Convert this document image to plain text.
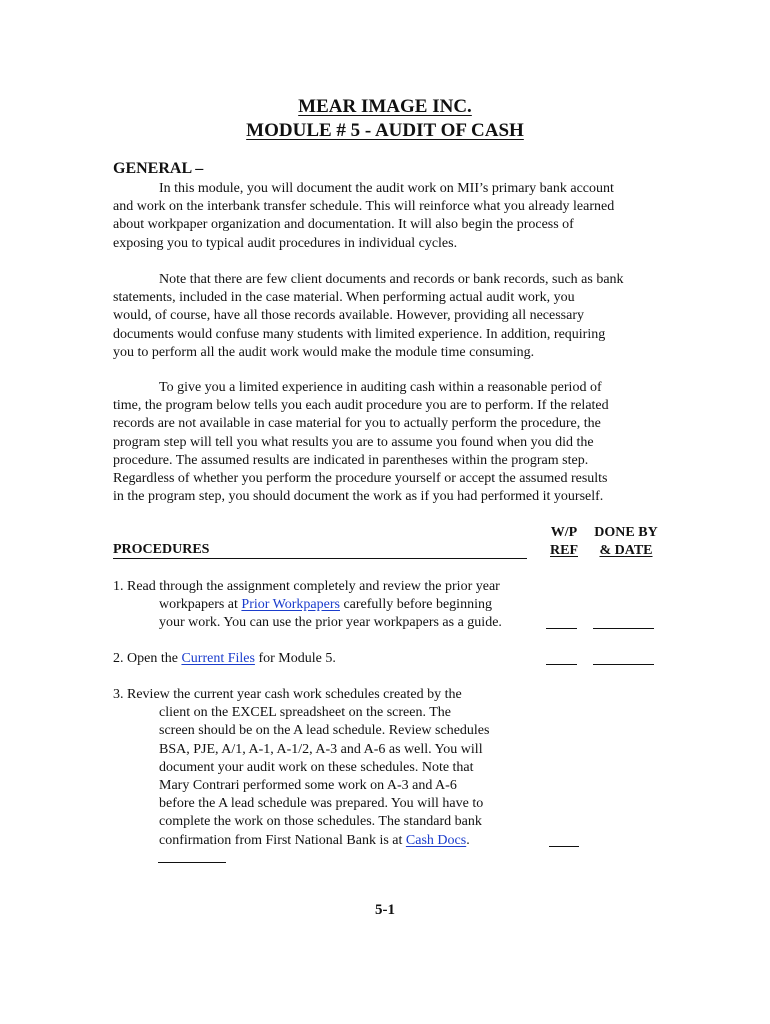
MEAR IMAGE INC.
MODULE # 5 - AUDIT OF CASH
GENERAL –
In this module, you will document the audit work on MII’s primary bank account
and work on the interbank transfer schedule. This will reinforce what you already learned
about workpaper organization and documentation. It will also begin the process of
exposing you to typical audit procedures in individual cycles.
Note that there are few client documents and records or bank records, such as bank
statements, included in the case material. When performing actual audit work, you
would, of course, have all those records available. However, providing all necessary
documents would confuse many students with limited experience. In addition, requiring
you to perform all the audit work would make the module time consuming.
To give you a limited experience in auditing cash within a reasonable period of
time, the program below tells you each audit procedure you are to perform. If the related
records are not available in case material for you to actually perform the procedure, the
program step will tell you what results you are to assume you found when you did the
procedure. The assumed results are indicated in parentheses within the program step.
Regardless of whether you perform the procedure yourself or accept the assumed results
in the program step, you should document the work as if you had performed it yourself.
PROCEDURES
W/P
REF
DONE BY
& DATE
1. Read through the assignment completely and review the prior year
workpapers at Prior Workpapers carefully before beginning
your work. You can use the prior year workpapers as a guide.
2. Open the Current Files for Module 5.
3. Review the current year cash work schedules created by the
client on the EXCEL spreadsheet on the screen. The
screen should be on the A lead schedule. Review schedules
BSA, PJE, A/1, A-1, A-1/2, A-3 and A-6 as well. You will
document your audit work on these schedules. Note that
Mary Contrari performed some work on A-3 and A-6
before the A lead schedule was prepared. You will have to
complete the work on those schedules. The standard bank
confirmation from First National Bank is at Cash Docs.
5-1
